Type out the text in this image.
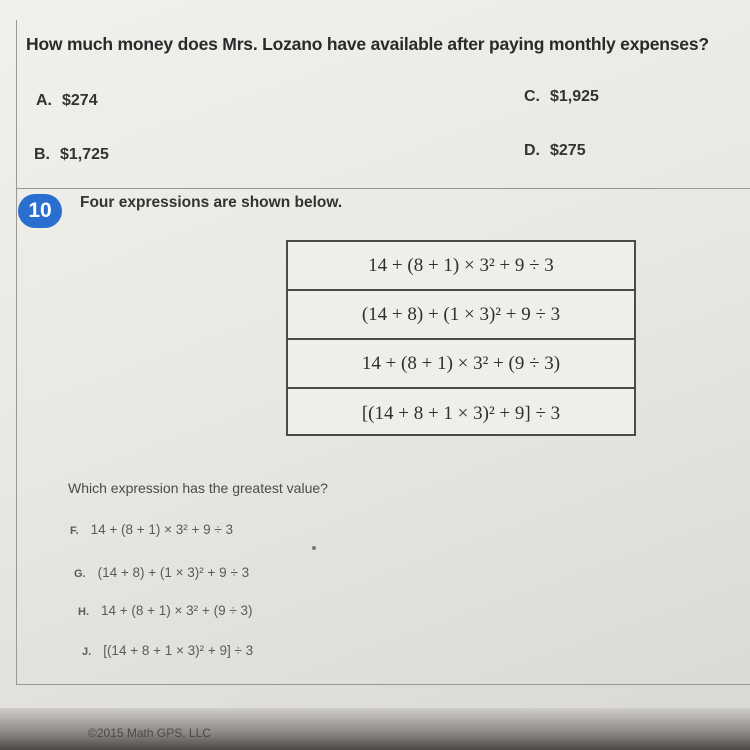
How much money does Mrs. Lozano have available after paying monthly expenses?
A. $274	C. $1,925
B. $1,725	D. $275
10	Four expressions are shown below.
14 + (8 + 1) × 3² + 9 ÷ 3
(14 + 8) + (1 × 3)² + 9 ÷ 3
14 + (8 + 1) × 3² + (9 ÷ 3)
[(14 + 8 + 1 × 3)² + 9] ÷ 3
Which expression has the greatest value?
F. 14 + (8 + 1) × 3² + 9 ÷ 3
G. (14 + 8) + (1 × 3)² + 9 ÷ 3
H. 14 + (8 + 1) × 3² + (9 ÷ 3)
J. [(14 + 8 + 1 × 3)² + 9] ÷ 3
©2015 Math GPS, LLC
